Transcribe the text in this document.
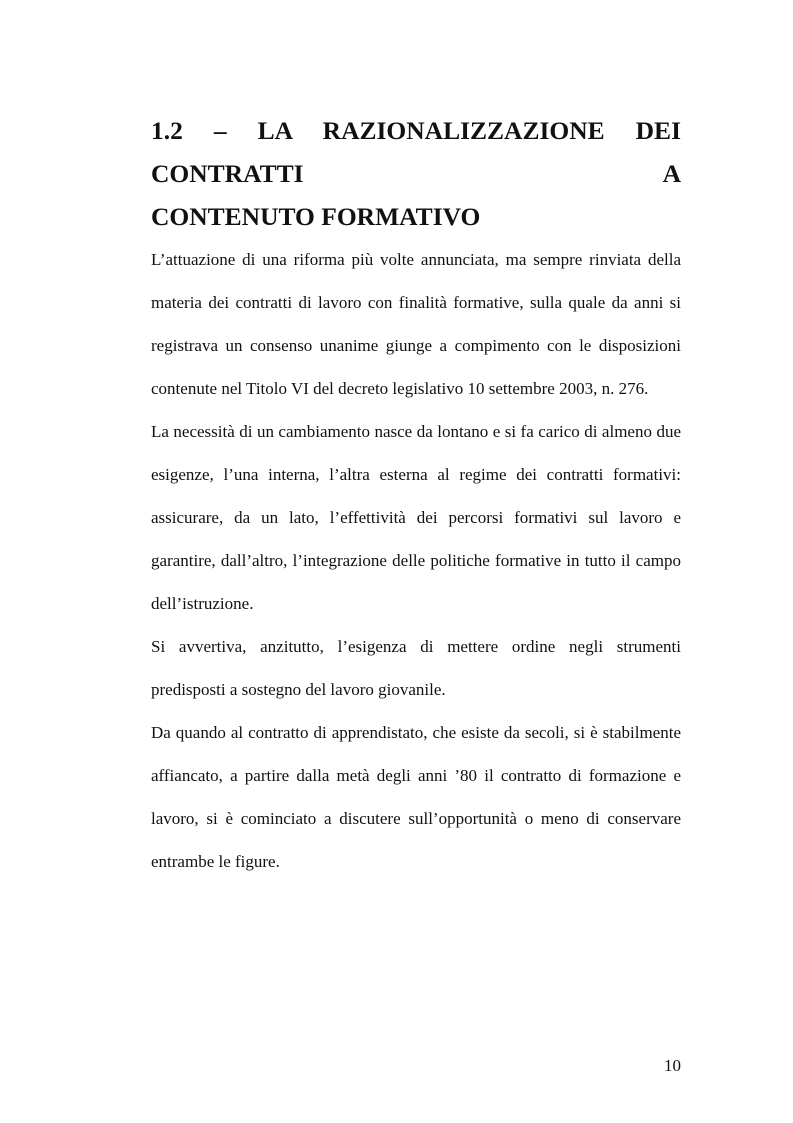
1.2 – LA RAZIONALIZZAZIONE DEI CONTRATTI A
CONTENUTO FORMATIVO

L’attuazione di una riforma più volte annunciata, ma sempre rinviata della materia dei contratti di lavoro con finalità formative, sulla quale da anni si registrava un consenso unanime giunge a compimento con le disposizioni contenute nel Titolo VI del decreto legislativo 10 settembre 2003, n. 276.

La necessità di un cambiamento nasce da lontano e si fa carico di almeno due esigenze, l’una interna, l’altra esterna al regime dei contratti formativi: assicurare, da un lato, l’effettività dei percorsi formativi sul lavoro e garantire, dall’altro, l’integrazione delle politiche formative in tutto il campo dell’istruzione.

Si avvertiva, anzitutto, l’esigenza di mettere ordine negli strumenti predisposti a sostegno del lavoro giovanile.

Da quando al contratto di apprendistato, che esiste da secoli, si è stabilmente affiancato, a partire dalla metà degli anni ’80 il contratto di formazione e lavoro, si è cominciato a discutere sull’opportunità o meno di conservare entrambe le figure.

10
